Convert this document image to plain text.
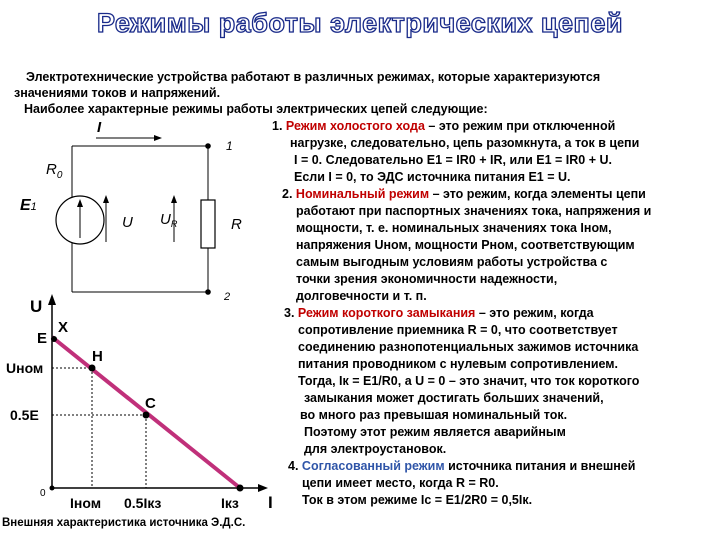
Режимы работы электрических цепей
Электротехнические устройства работают в различных режимах, которые характеризуются
значениями токов и напряжений.
Наиболее характерные режимы работы электрических цепей следующие:
I
1
2
$R_0$
E1
U $U_R$	R
U
I
0
E
X
Uном
0.5E
H
C
Iном 0.5Iкз	Iкз
Внешняя характеристика источника Э.Д.С.
1. Режим холостого хода – это режим при отключенной
нагрузке, следовательно, цепь разомкнута, а ток в цепи
I = 0. Следовательно E1 = IR0 + IR, или E1 = IR0 + U.
Если I = 0, то ЭДС источника питания E1 = U.
2. Номинальный режим – это режим, когда элементы цепи
работают при паспортных значениях тока, напряжения и
мощности, т. е. номинальных значениях тока Iном,
напряжения Uном, мощности Pном, соответствующим
самым выгодным условиям работы устройства с
точки зрения экономичности надежности,
долговечности и т. п.
3. Режим короткого замыкания – это режим, когда
сопротивление приемника R = 0, что соответствует
соединению разнопотенциальных зажимов источника
питания проводником с нулевым сопротивлением.
Тогда, Iк = E1/R0, а U = 0 – это значит, что ток короткого
замыкания может достигать больших значений,
во много раз превышая номинальный ток.
Поэтому этот режим является аварийным
для электроустановок.
4. Согласованный режим источника питания и внешней
цепи имеет место, когда R = R0.
Ток в этом режиме Iс = E1/2R0 = 0,5Iк.
